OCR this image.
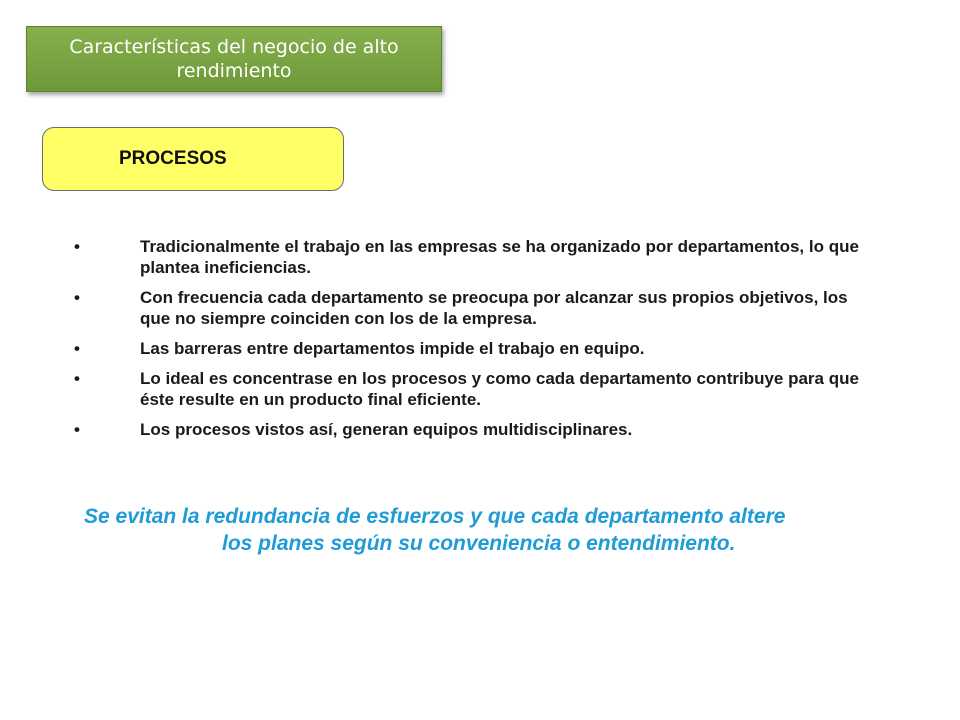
Características del negocio de alto rendimiento
PROCESOS
•	Tradicionalmente el trabajo en las empresas se ha organizado por departamentos, lo que plantea ineficiencias.
•	Con frecuencia cada departamento se preocupa por alcanzar sus propios objetivos, los que no siempre coinciden con los de la empresa.
•	Las barreras entre departamentos impide el trabajo en equipo.
•	Lo ideal es concentrase en los procesos y como cada departamento contribuye para que éste resulte en un producto final eficiente.
•	Los procesos vistos así, generan equipos multidisciplinares.
Se evitan la redundancia de esfuerzos y que cada departamento altere
los planes según su conveniencia o entendimiento.
